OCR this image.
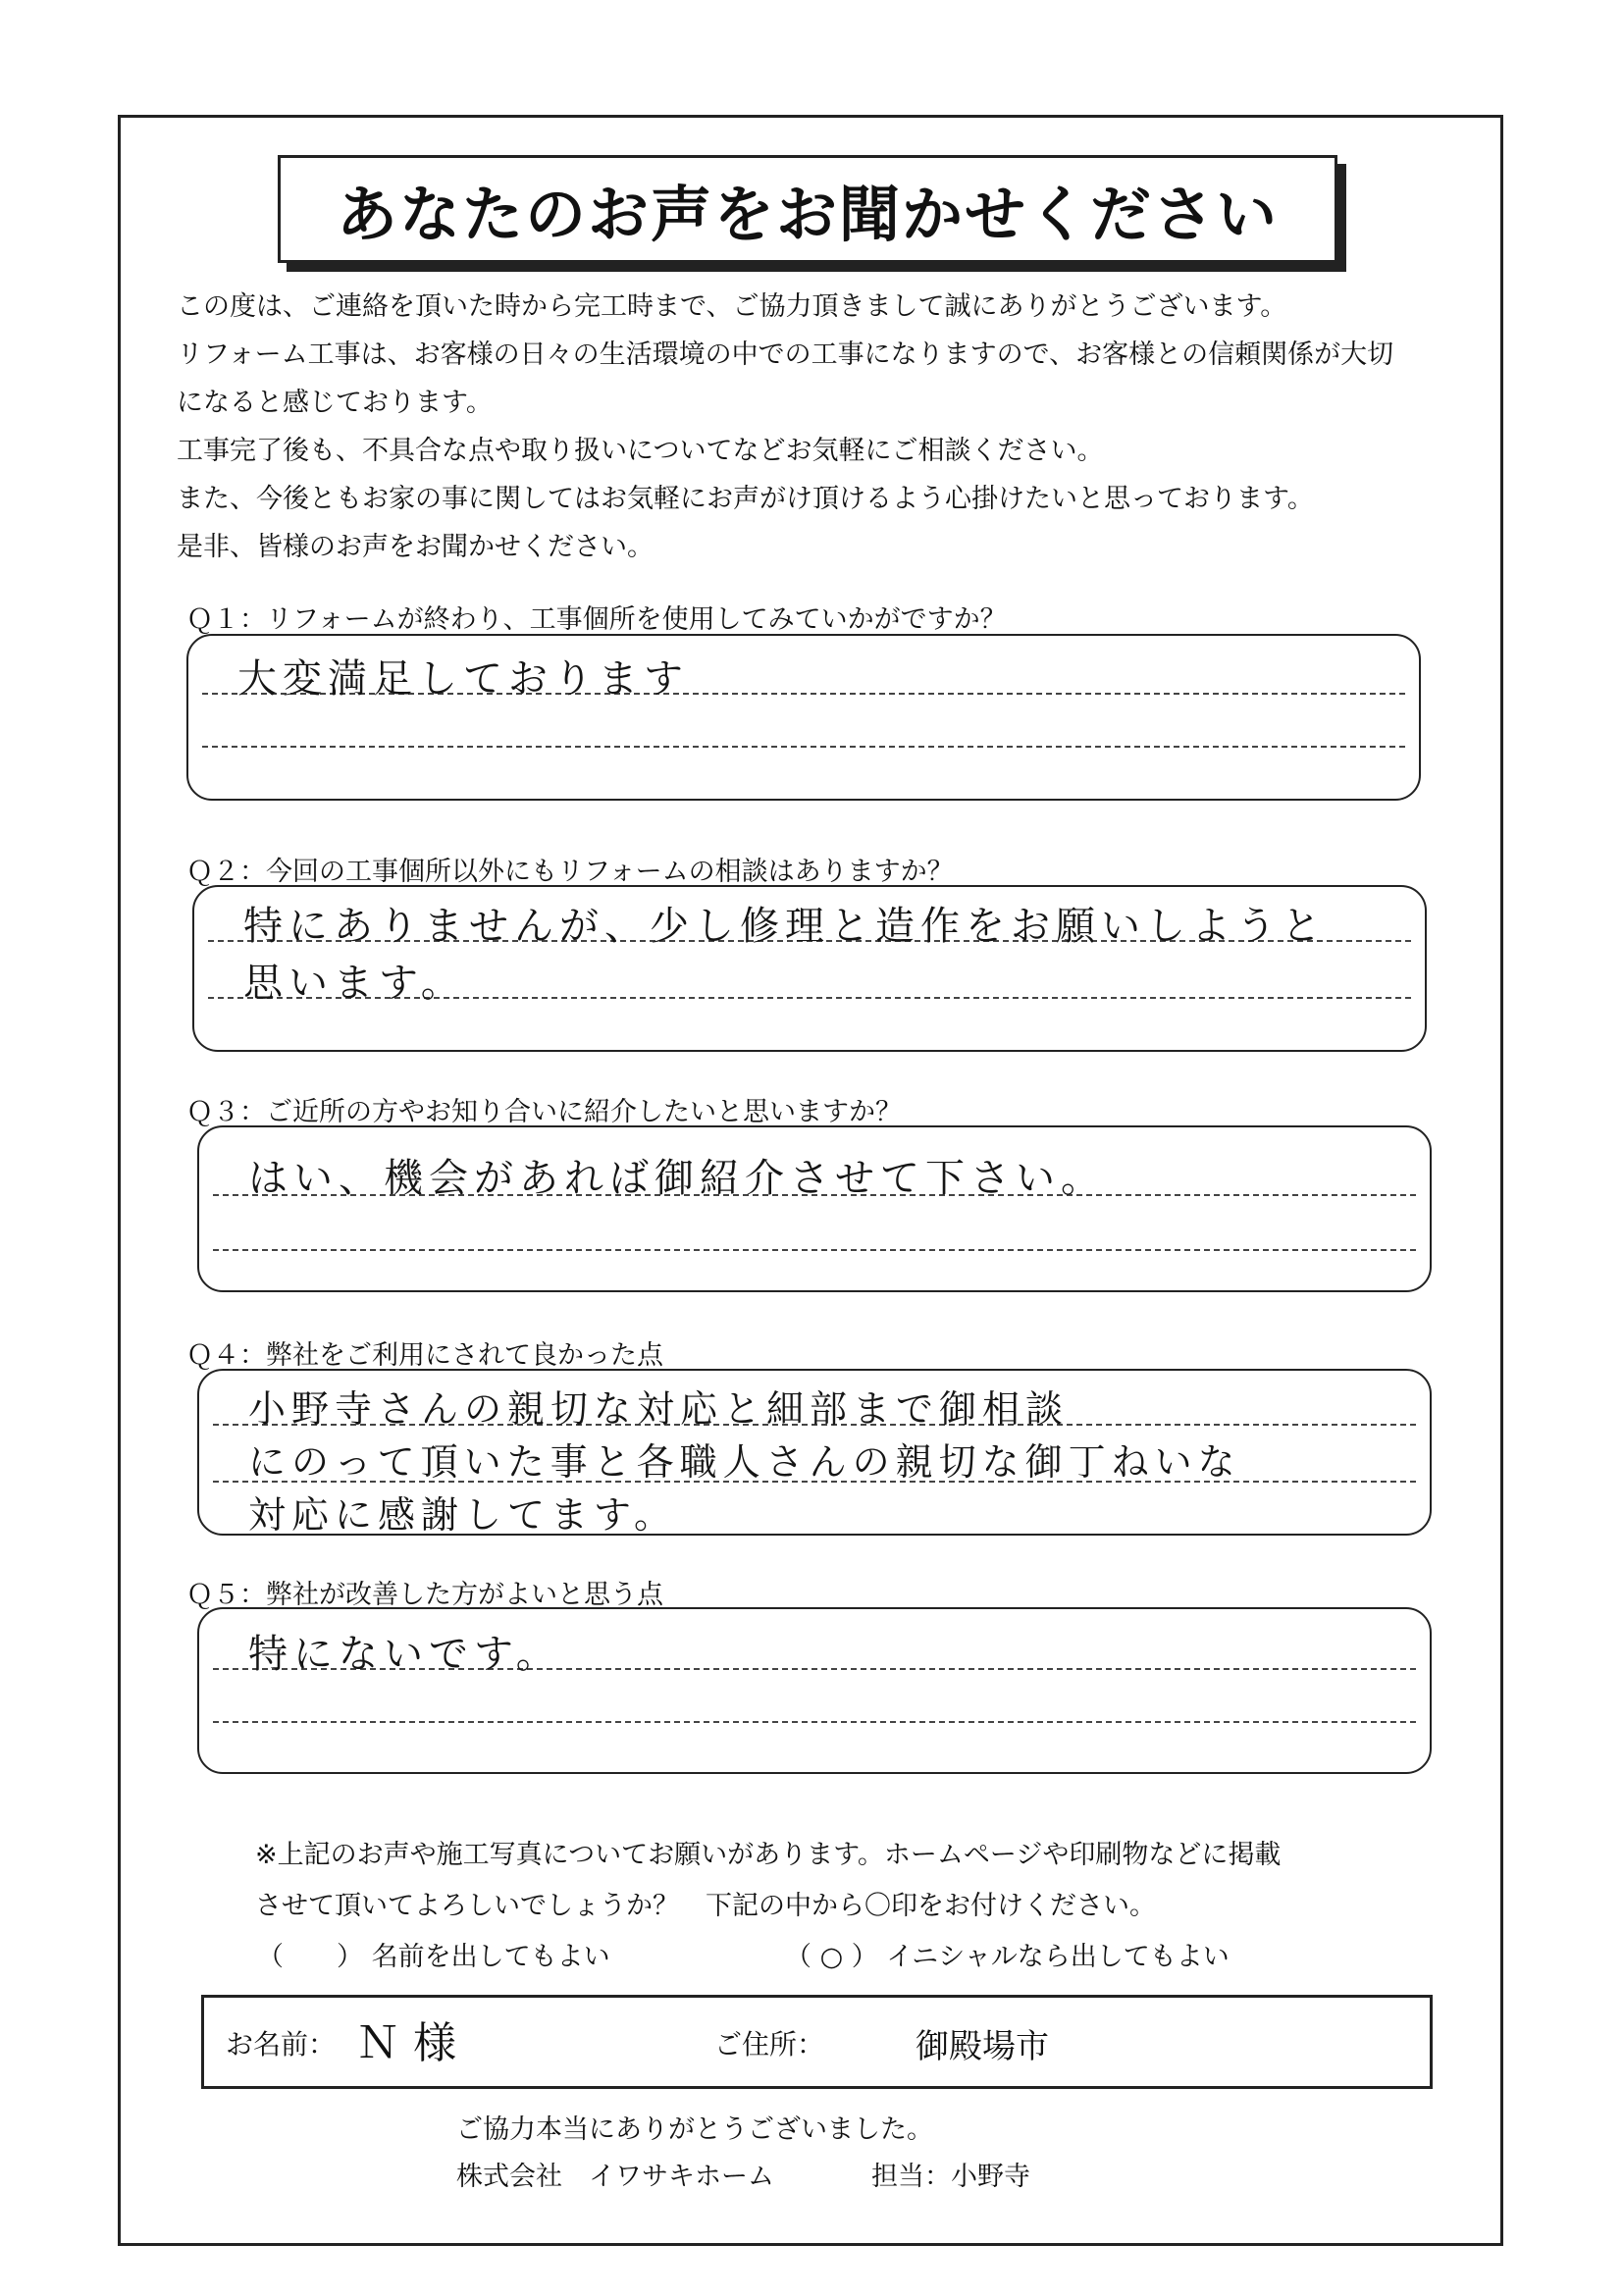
あなたのお声をお聞かせください

この度は、ご連絡を頂いた時から完工時まで、ご協力頂きまして誠にありがとうございます。

リフォーム工事は、お客様の日々の生活環境の中での工事になりますので、お客様との信頼関係が大切

になると感じております。

工事完了後も、不具合な点や取り扱いについてなどお気軽にご相談ください。

また、今後ともお家の事に関してはお気軽にお声がけ頂けるよう心掛けたいと思っております。

是非、皆様のお声をお聞かせください。

Ｑ１：リフォームが終わり、工事個所を使用してみていかがですか？
大変満足しております
Ｑ２：今回の工事個所以外にもリフォームの相談はありますか？
特にありませんが、少し修理と造作をお願いしようと
思います。
Ｑ３：ご近所の方やお知り合いに紹介したいと思いますか？
はい、機会があれば御紹介させて下さい。
Ｑ４：弊社をご利用にされて良かった点
小野寺さんの親切な対応と細部まで御相談
にのって頂いた事と各職人さんの親切な御丁ねいな
対応に感謝してます。
Ｑ５：弊社が改善した方がよいと思う点
特にないです。
※上記のお声や施工写真についてお願いがあります。ホームページや印刷物などに掲載
させて頂いてよろしいでしょうか？　下記の中から〇印をお付けください。
（　　） 名前を出してもよい	（ ○ ） イニシャルなら出してもよい
お名前： Ｎ 様	ご住所：	御殿場市
ご協力本当にありがとうございました。
株式会社　イワサキホーム	担当：小野寺
